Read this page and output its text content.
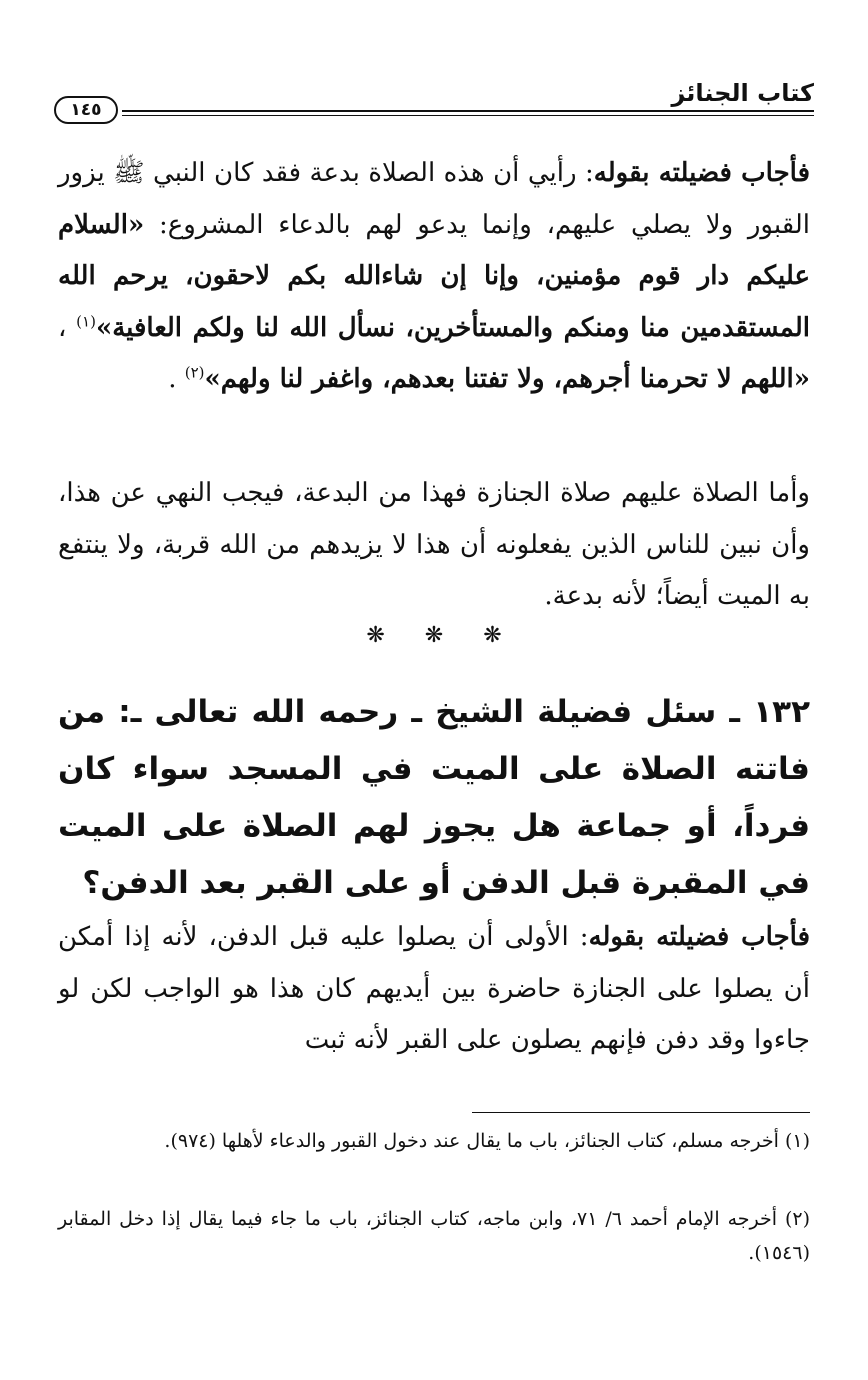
كتاب الجنائز
١٤٥

فأجاب فضيلته بقوله: رأيي أن هذه الصلاة بدعة فقد كان النبي ﷺ يزور القبور ولا يصلي عليهم، وإنما يدعو لهم بالدعاء المشروع: «السلام عليكم دار قوم مؤمنين، وإنا إن شاءالله بكم لاحقون، يرحم الله المستقدمين منا ومنكم والمستأخرين، نسأل الله لنا ولكم العافية»$^{(١)}$ ، «اللهم لا تحرمنا أجرهم، ولا تفتنا بعدهم، واغفر لنا ولهم»$^{(٢)}$ .

وأما الصلاة عليهم صلاة الجنازة فهذا من البدعة، فيجب النهي عن هذا، وأن نبين للناس الذين يفعلونه أن هذا لا يزيدهم من الله قربة، ولا ينتفع به الميت أيضاً؛ لأنه بدعة.

❋ ❋ ❋

١٣٢ ـ سئل فضيلة الشيخ ـ رحمه الله تعالى ـ: من فاتته الصلاة على الميت في المسجد سواء كان فرداً، أو جماعة هل يجوز لهم الصلاة على الميت في المقبرة قبل الدفن أو على القبر بعد الدفن؟

فأجاب فضيلته بقوله: الأولى أن يصلوا عليه قبل الدفن، لأنه إذا أمكن أن يصلوا على الجنازة حاضرة بين أيديهم كان هذا هو الواجب لكن لو جاءوا وقد دفن فإنهم يصلون على القبر لأنه ثبت

(١) أخرجه مسلم، كتاب الجنائز، باب ما يقال عند دخول القبور والدعاء لأهلها (٩٧٤).

(٢) أخرجه الإمام أحمد ٦/ ٧١، وابن ماجه، كتاب الجنائز، باب ما جاء فيما يقال إذا دخل المقابر (١٥٤٦).
